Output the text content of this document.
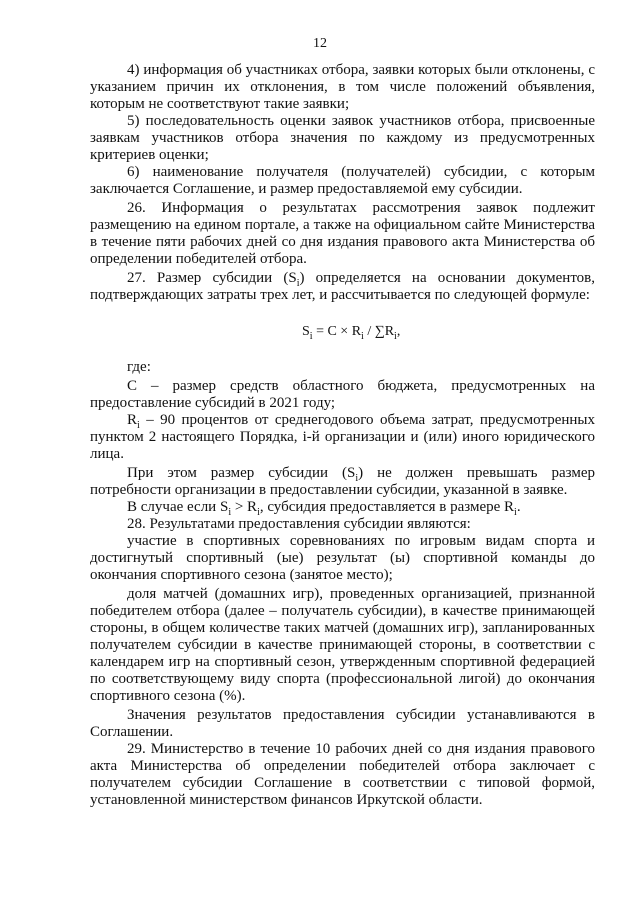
12

4) информация об участниках отбора, заявки которых были отклонены, с указанием причин их отклонения, в том числе положений объявления, которым не соответствуют такие заявки;

5) последовательность оценки заявок участников отбора, присвоенные заявкам участников отбора значения по каждому из предусмотренных критериев оценки;

6) наименование получателя (получателей) субсидии, с которым заключается Соглашение, и размер предоставляемой ему субсидии.

26. Информация о результатах рассмотрения заявок подлежит размещению на едином портале, а также на официальном сайте Министерства в течение пяти рабочих дней со дня издания правового акта Министерства об определении победителей отбора.

27. Размер субсидии $(S_i)$ определяется на основании документов, подтверждающих затраты трех лет, и рассчитывается по следующей формуле:

$S_i = C \times R_i / \sum R_i$,

где:

С – размер средств областного бюджета, предусмотренных на предоставление субсидий в 2021 году;

$R_i - 90$ процентов от среднегодового объема затрат, предусмотренных пунктом 2 настоящего Порядка, i-й организации и (или) иного юридического лица.

При этом размер субсидии $(S_i)$ не должен превышать размер потребности организации в предоставлении субсидии, указанной в заявке.

В случае если $S_i > R_i$, субсидия предоставляется в размере $R_i$.

28. Результатами предоставления субсидии являются:

участие в спортивных соревнованиях по игровым видам спорта и достигнутый спортивный (ые) результат (ы) спортивной команды до окончания спортивного сезона (занятое место);

доля матчей (домашних игр), проведенных организацией, признанной победителем отбора (далее – получатель субсидии), в качестве принимающей стороны, в общем количестве таких матчей (домашних игр), запланированных получателем субсидии в качестве принимающей стороны, в соответствии с календарем игр на спортивный сезон, утвержденным спортивной федерацией по соответствующему виду спорта (профессиональной лигой) до окончания спортивного сезона (%).

Значения результатов предоставления субсидии устанавливаются в Соглашении.

29. Министерство в течение 10 рабочих дней со дня издания правового акта Министерства об определении победителей отбора заключает с получателем субсидии Соглашение в соответствии с типовой формой, установленной министерством финансов Иркутской области.
